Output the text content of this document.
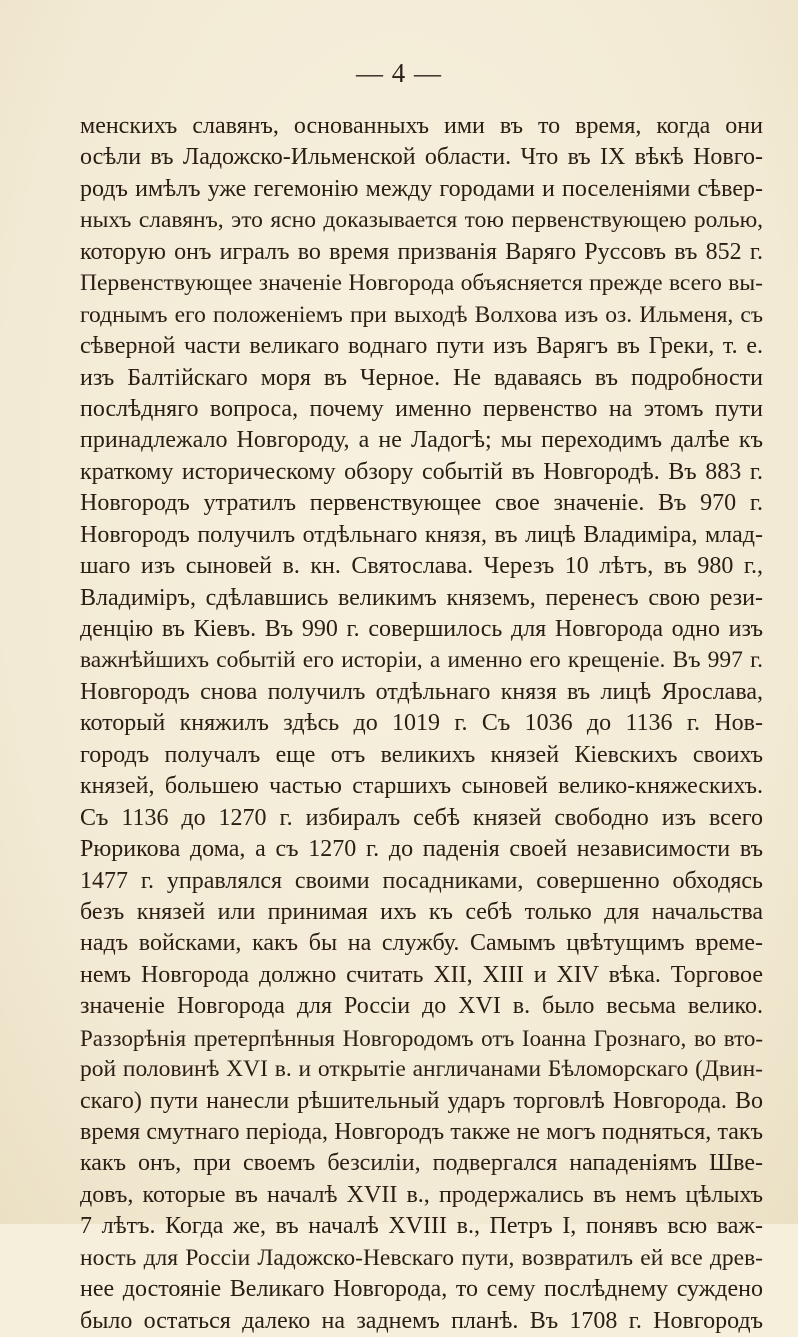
— 4 —
менскихъ славянъ, основанныхъ ими въ то время, когда они
осѣли въ Ладожско-Ильменской области. Что въ IX вѣкѣ Новго-
родъ имѣлъ уже гегемонію между городами и поселеніями сѣвер-
ныхъ славянъ, это ясно доказывается тою первенствующею ролью,
которую онъ игралъ во время призванія Варяго Руссовъ въ 852 г.
Первенствующее значеніе Новгорода объясняется прежде всего вы-
годнымъ его положеніемъ при выходѣ Волхова изъ оз. Ильменя, съ
сѣверной части великаго воднаго пути изъ Варягъ въ Греки, т. е.
изъ Балтійскаго моря въ Черное. Не вдаваясь въ подробности
послѣдняго вопроса, почему именно первенство на этомъ пути
принадлежало Новгороду, а не Ладогѣ; мы переходимъ далѣе къ
краткому историческому обзору событій въ Новгородѣ. Въ 883 г.
Новгородъ утратилъ первенствующее свое значеніе. Въ 970 г.
Новгородъ получилъ отдѣльнаго князя, въ лицѣ Владиміра, млад-
шаго изъ сыновей в. кн. Святослава. Черезъ 10 лѣтъ, въ 980 г.,
Владиміръ, сдѣлавшись великимъ княземъ, перенесъ свою рези-
денцію въ Кіевъ. Въ 990 г. совершилось для Новгорода одно изъ
важнѣйшихъ событій его исторіи, а именно его крещеніе. Въ 997 г.
Новгородъ снова получилъ отдѣльнаго князя въ лицѣ Ярослава,
который княжилъ здѣсь до 1019 г. Съ 1036 до 1136 г. Нов-
городъ получалъ еще отъ великихъ князей Кіевскихъ своихъ
князей, большею частью старшихъ сыновей велико-княжескихъ.
Съ 1136 до 1270 г. избиралъ себѣ князей свободно изъ всего
Рюрикова дома, а съ 1270 г. до паденія своей независимости въ
1477 г. управлялся своими посадниками, совершенно обходясь
безъ князей или принимая ихъ къ себѣ только для начальства
надъ войсками, какъ бы на службу. Самымъ цвѣтущимъ време-
немъ Новгорода должно считать XII, XIII и XIV вѣка. Торговое
значеніе Новгорода для Россіи до XVI в. было весьма велико.
Раззорѣнія претерпѣнныя Новгородомъ отъ Іоанна Грознаго, во вто-
рой половинѣ XVI в. и открытіе англичанами Бѣломорскаго (Двин-
скаго) пути нанесли рѣшительный ударъ торговлѣ Новгорода. Во
время смутнаго періода, Новгородъ также не могъ подняться, такъ
какъ онъ, при своемъ безсиліи, подвергался нападеніямъ Шве-
довъ, которые въ началѣ XVII в., продержались въ немъ цѣлыхъ
7 лѣтъ. Когда же, въ началѣ XVIII в., Петръ I, понявъ всю важ-
ность для Россіи Ладожско-Невскаго пути, возвратилъ ей все древ-
нее достояніе Великаго Новгорода, то сему послѣднему суждено
было остаться далеко на заднемъ планѣ. Въ 1708 г. Новгородъ
